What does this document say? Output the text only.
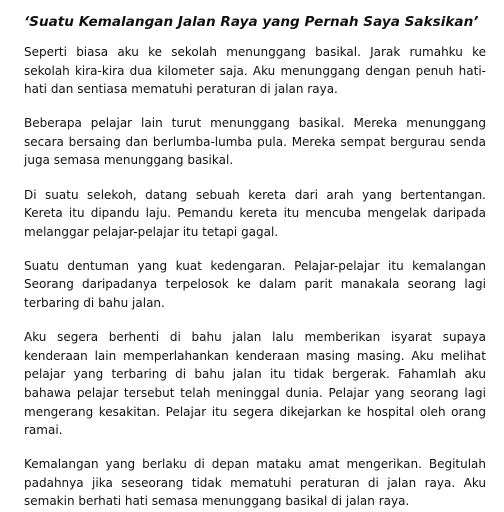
‘Suatu Kemalangan Jalan Raya yang Pernah Saya Saksikan’

Seperti biasa aku ke sekolah menunggang basikal. Jarak rumahku ke sekolah kira-kira dua kilometer saja. Aku menunggang dengan penuh hati-hati dan sentiasa mematuhi peraturan di jalan raya.

Beberapa pelajar lain turut menunggang basikal. Mereka menunggang secara bersaing dan berlumba-lumba pula. Mereka sempat bergurau senda juga semasa menunggang basikal.

Di suatu selekoh, datang sebuah kereta dari arah yang bertentangan. Kereta itu dipandu laju. Pemandu kereta itu mencuba mengelak daripada melanggar pelajar-pelajar itu tetapi gagal.

Suatu dentuman yang kuat kedengaran. Pelajar-pelajar itu kemalangan Seorang daripadanya terpelosok ke dalam parit manakala seorang lagi terbaring di bahu jalan.

Aku segera berhenti di bahu jalan lalu memberikan isyarat supaya kenderaan lain memperlahankan kenderaan masing masing. Aku melihat pelajar yang terbaring di bahu jalan itu tidak bergerak. Fahamlah aku bahawa pelajar tersebut telah meninggal dunia. Pelajar yang seorang lagi mengerang kesakitan. Pelajar itu segera dikejarkan ke hospital oleh orang ramai.

Kemalangan yang berlaku di depan mataku amat mengerikan. Begitulah padahnya jika seseorang tidak mematuhi peraturan di jalan raya. Aku semakin berhati hati semasa menunggang basikal di jalan raya.
